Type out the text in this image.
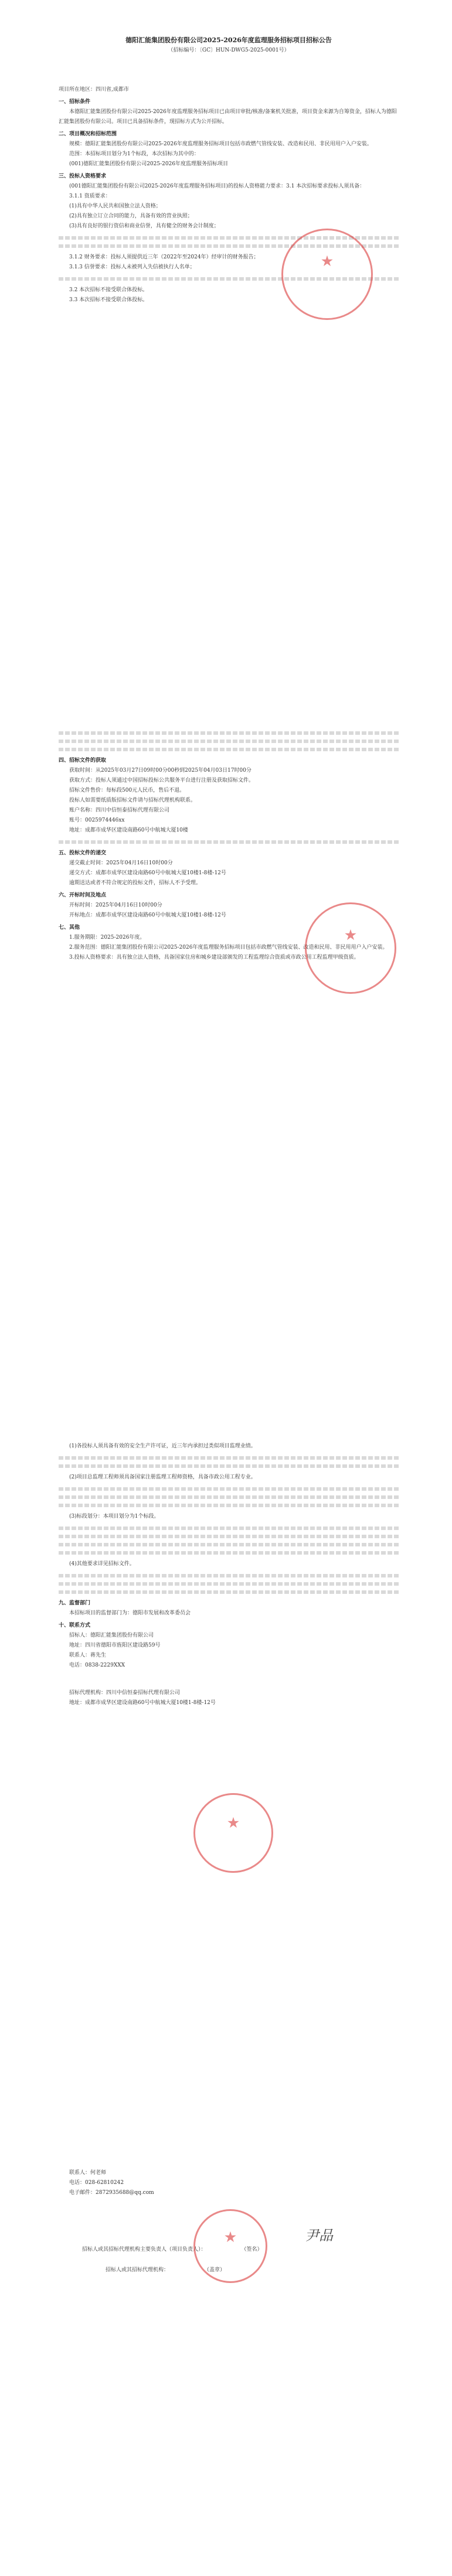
德阳汇能集团股份有限公司2025-2026年度监理服务招标项目招标公告
（招标编号：〔GC〕HUN-DWG5-2025-0001号）

项目所在地区：四川省,成都市

一、招标条件

本德阳汇能集团股份有限公司2025-2026年度监理服务招标项目已由项目审批/核准/备案机关批准，项目资金来源为自筹资金，招标人为德阳汇能集团股份有限公司。项目已具备招标条件，现招标方式为公开招标。

二、项目概况和招标范围

规模：德阳汇能集团股份有限公司2025-2026年度监理服务招标项目包括市政燃气管线安装、改造和民用、非民用用户入户安装。

范围：本招标项目划分为1个标段，本次招标为其中的：

(001)德阳汇能集团股份有限公司2025-2026年度监理服务招标项目

三、投标人资格要求

(001德阳汇能集团股份有限公司2025-2026年度监理服务招标项目)的投标人资格能力要求：3.1 本次招标要求投标人须具备：

3.1.1 资质要求：

(1)具有中华人民共和国独立法人资格；

(2)具有独立订立合同的能力，具备有效的营业执照；

(3)具有良好的银行资信和商业信誉，具有健全的财务会计制度；

3.1.2 财务要求：投标人须提供近三年（2022年至2024年）经审计的财务报告；

3.1.3 信誉要求：投标人未被列入失信被执行人名单；

3.2 本次招标不接受联合体投标。

3.3 本次招标不接受联合体投标。

★
四、招标文件的获取

获取时间：从2025年03月27日09时00分00秒到2025年04月03日17时00分

获取方式：投标人须通过中国招标投标公共服务平台进行注册及获取招标文件。

招标文件售价：每标段500元人民币，售后不退。

投标人如需要纸质版招标文件请与招标代理机构联系。

账户名称：四川中信恒泰招标代理有限公司

账号：0025974446xx

地址：成都市成华区建设南路60号中航城大厦10楼

五、投标文件的递交

递交截止时间：2025年04月16日10时00分

递交方式：成都市成华区建设南路60号中航城大厦10楼1-8楼-12号

逾期送达或者不符合规定的投标文件，招标人不予受理。

六、开标时间及地点

开标时间：2025年04月16日10时00分

开标地点：成都市成华区建设南路60号中航城大厦10楼1-8楼-12号

七、其他

1.服务期限：2025-2026年度。

2.服务范围：德阳汇能集团股份有限公司2025-2026年度监理服务招标项目包括市政燃气管线安装、改造和民用、非民用用户入户安装。

3.投标人资格要求：具有独立法人资格，具备国家住房和城乡建设部颁发的工程监理综合资质或市政公用工程监理甲级资质。

★

(1)各投标人须具备有效的安全生产许可证，近三年内承担过类似项目监理业绩。

(2)项目总监理工程师须具备国家注册监理工程师资格，具备市政公用工程专业。

(3)标段划分：本项目划分为1个标段。

(4)其他要求详见招标文件。

九、监督部门

本招标项目的监督部门为：德阳市发展和改革委员会

十、联系方式

招标人：德阳汇能集团股份有限公司

地址：四川省德阳市旌阳区建设路59号

联系人：蒋先生

电话：0838-2229XXX

招标代理机构：四川中信恒泰招标代理有限公司

地址：成都市成华区建设南路60号中航城大厦10楼1-8楼-12号

★

联系人：何老师

电话：028-62810242

电子邮件：2872935688@qq.com

招标人或其招标代理机构主要负责人（项目负责人）：	（签名）

招标人或其招标代理机构：	（盖章）

★	尹品
